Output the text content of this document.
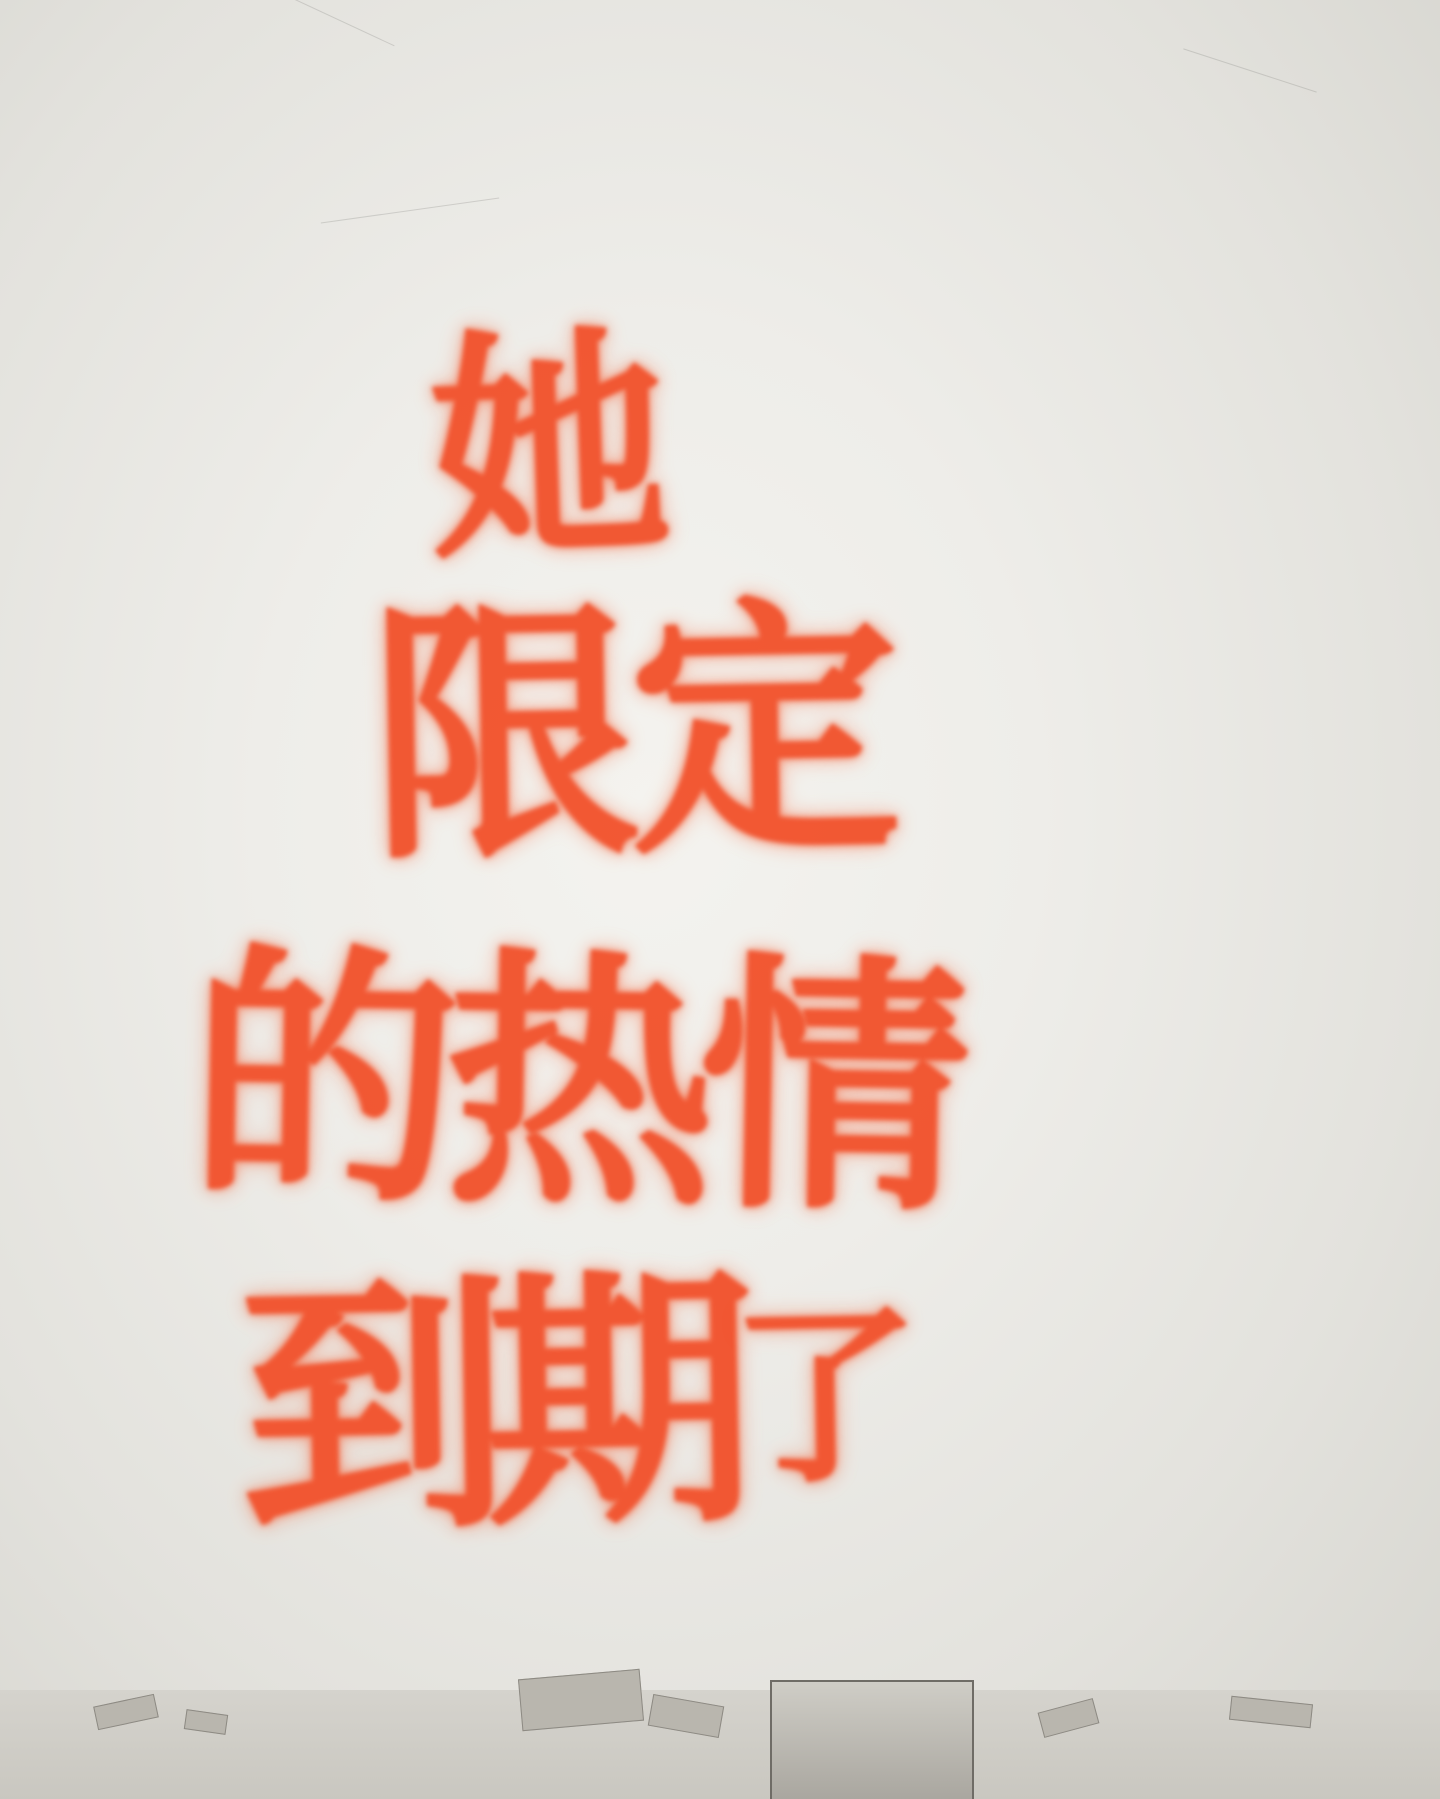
她
限定
的热情
到期了
